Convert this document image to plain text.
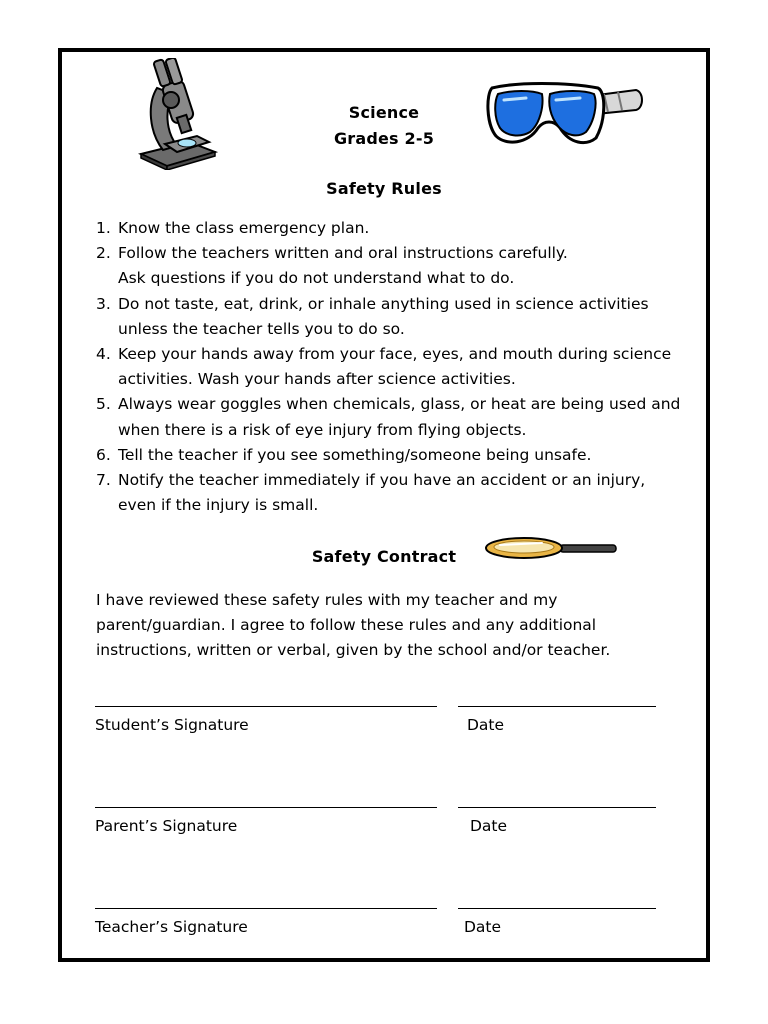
Science
Grades 2-5
Safety Rules
1. Know the class emergency plan.
2. Follow the teachers written and oral instructions carefully.
Ask questions if you do not understand what to do.
3. Do not taste, eat, drink, or inhale anything used in science activities
unless the teacher tells you to do so.
4. Keep your hands away from your face, eyes, and mouth during science
activities. Wash your hands after science activities.
5. Always wear goggles when chemicals, glass, or heat are being used and
when there is a risk of eye injury from flying objects.
6. Tell the teacher if you see something/someone being unsafe.
7. Notify the teacher immediately if you have an accident or an injury,
even if the injury is small.
Safety Contract
I have reviewed these safety rules with my teacher and my
parent/guardian. I agree to follow these rules and any additional
instructions, written or verbal, given by the school and/or teacher.
Student’s Signature	Date
Parent’s Signature	Date
Teacher’s Signature	Date
